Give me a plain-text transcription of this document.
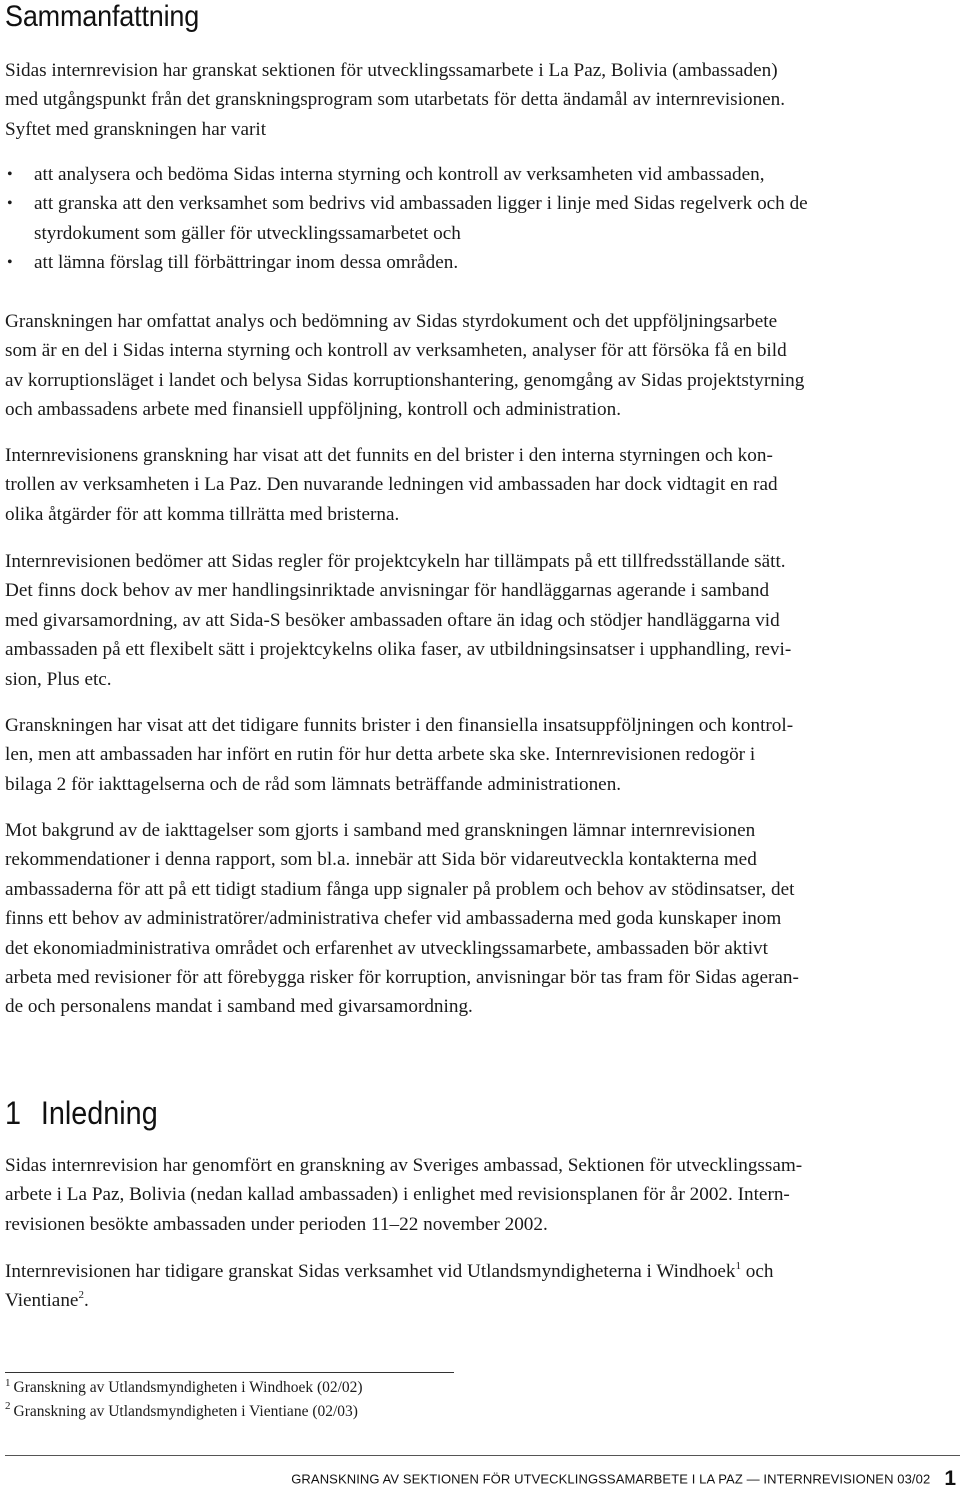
Sammanfattning

Sidas internrevision har granskat sektionen för utvecklingssamarbete i La Paz, Bolivia (ambassaden)
med utgångspunkt från det granskningsprogram som utarbetats för detta ändamål av internrevisionen.
Syftet med granskningen har varit

• att analysera och bedöma Sidas interna styrning och kontroll av verksamheten vid ambassaden,
• att granska att den verksamhet som bedrivs vid ambassaden ligger i linje med Sidas regelverk och de
styrdokument som gäller för utvecklingssamarbetet och
• att lämna förslag till förbättringar inom dessa områden.

Granskningen har omfattat analys och bedömning av Sidas styrdokument och det uppföljningsarbete
som är en del i Sidas interna styrning och kontroll av verksamheten, analyser för att försöka få en bild
av korruptionsläget i landet och belysa Sidas korruptionshantering, genomgång av Sidas projektstyrning
och ambassadens arbete med finansiell uppföljning, kontroll och administration.

Internrevisionens granskning har visat att det funnits en del brister i den interna styrningen och kon-
trollen av verksamheten i La Paz. Den nuvarande ledningen vid ambassaden har dock vidtagit en rad
olika åtgärder för att komma tillrätta med bristerna.

Internrevisionen bedömer att Sidas regler för projektcykeln har tillämpats på ett tillfredsställande sätt.
Det finns dock behov av mer handlingsinriktade anvisningar för handläggarnas agerande i samband
med givarsamordning, av att Sida-S besöker ambassaden oftare än idag och stödjer handläggarna vid
ambassaden på ett flexibelt sätt i projektcykelns olika faser, av utbildningsinsatser i upphandling, revi-
sion, Plus etc.

Granskningen har visat att det tidigare funnits brister i den finansiella insatsuppföljningen och kontrol-
len, men att ambassaden har infört en rutin för hur detta arbete ska ske. Internrevisionen redogör i
bilaga 2 för iakttagelserna och de råd som lämnats beträffande administrationen.

Mot bakgrund av de iakttagelser som gjorts i samband med granskningen lämnar internrevisionen
rekommendationer i denna rapport, som bl.a. innebär att Sida bör vidareutveckla kontakterna med
ambassaderna för att på ett tidigt stadium fånga upp signaler på problem och behov av stödinsatser, det
finns ett behov av administratörer/administrativa chefer vid ambassaderna med goda kunskaper inom
det ekonomiadministrativa området och erfarenhet av utvecklingssamarbete, ambassaden bör aktivt
arbeta med revisioner för att förebygga risker för korruption, anvisningar bör tas fram för Sidas ageran-
de och personalens mandat i samband med givarsamordning.

1 Inledning

Sidas internrevision har genomfört en granskning av Sveriges ambassad, Sektionen för utvecklingssam-
arbete i La Paz, Bolivia (nedan kallad ambassaden) i enlighet med revisionsplanen för år 2002. Intern-
revisionen besökte ambassaden under perioden 11–22 november 2002.

Internrevisionen har tidigare granskat Sidas verksamhet vid Utlandsmyndigheterna i Windhoek$^1$ och
Vientiane$^2$.

$^1$ Granskning av Utlandsmyndigheten i Windhoek (02/02)
$^2$ Granskning av Utlandsmyndigheten i Vientiane (02/03)
GRANSKNING AV SEKTIONEN FÖR UTVECKLINGSSAMARBETE I LA PAZ — INTERNREVISIONEN 03/02 1
